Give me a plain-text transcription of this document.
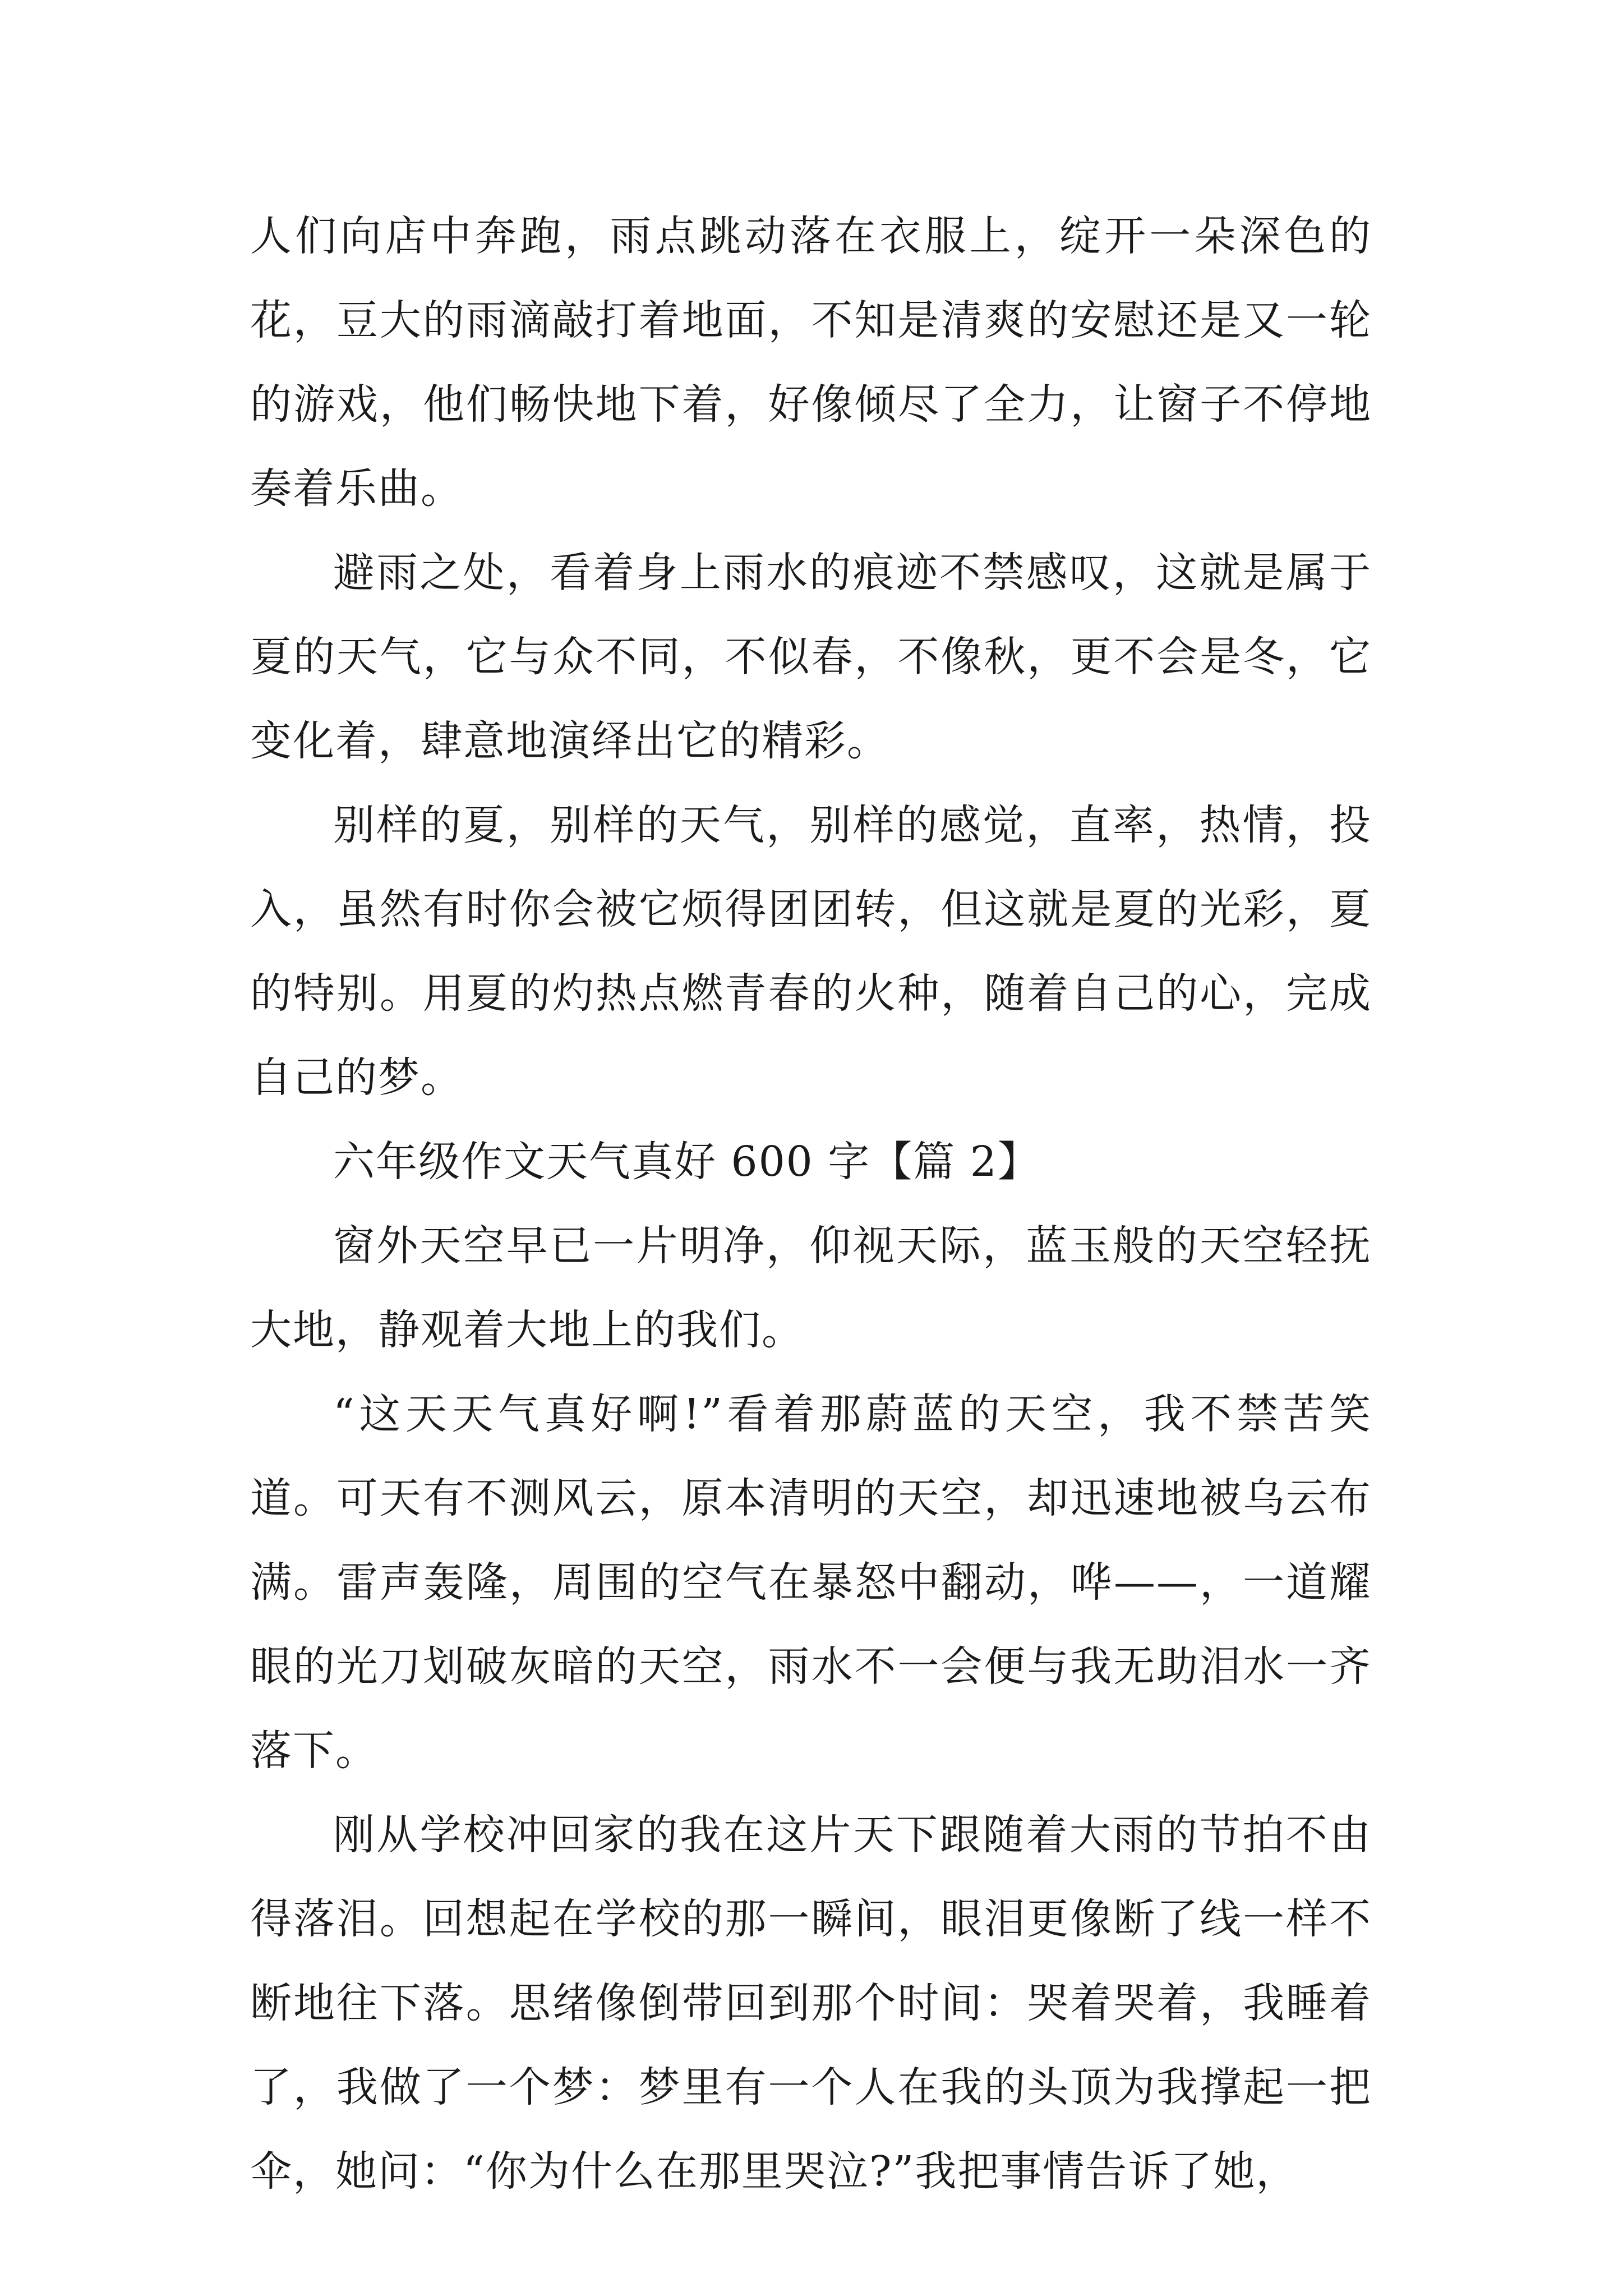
人们向店中奔跑，雨点跳动落在衣服上，绽开一朵深色的花，豆大的雨滴敲打着地面，不知是清爽的安慰还是又一轮的游戏，他们畅快地下着，好像倾尽了全力，让窗子不停地奏着乐曲。

避雨之处，看着身上雨水的痕迹不禁感叹，这就是属于夏的天气，它与众不同，不似春，不像秋，更不会是冬，它变化着，肆意地演绎出它的精彩。

别样的夏，别样的天气，别样的感觉，直率，热情，投入，虽然有时你会被它烦得团团转，但这就是夏的光彩，夏的特别。用夏的灼热点燃青春的火种，随着自己的心，完成自己的梦。

六年级作文天气真好 600 字【篇 2】

窗外天空早已一片明净，仰视天际，蓝玉般的天空轻抚大地，静观着大地上的我们。

“这天天气真好啊!”看着那蔚蓝的天空，我不禁苦笑道。可天有不测风云，原本清明的天空，却迅速地被乌云布满。雷声轰隆，周围的空气在暴怒中翻动，哗——，一道耀眼的光刀划破灰暗的天空，雨水不一会便与我无助泪水一齐落下。

刚从学校冲回家的我在这片天下跟随着大雨的节拍不由得落泪。回想起在学校的那一瞬间，眼泪更像断了线一样不断地往下落。思绪像倒带回到那个时间：哭着哭着，我睡着了，我做了一个梦：梦里有一个人在我的头顶为我撑起一把伞，她问：“你为什么在那里哭泣?”我把事情告诉了她，
